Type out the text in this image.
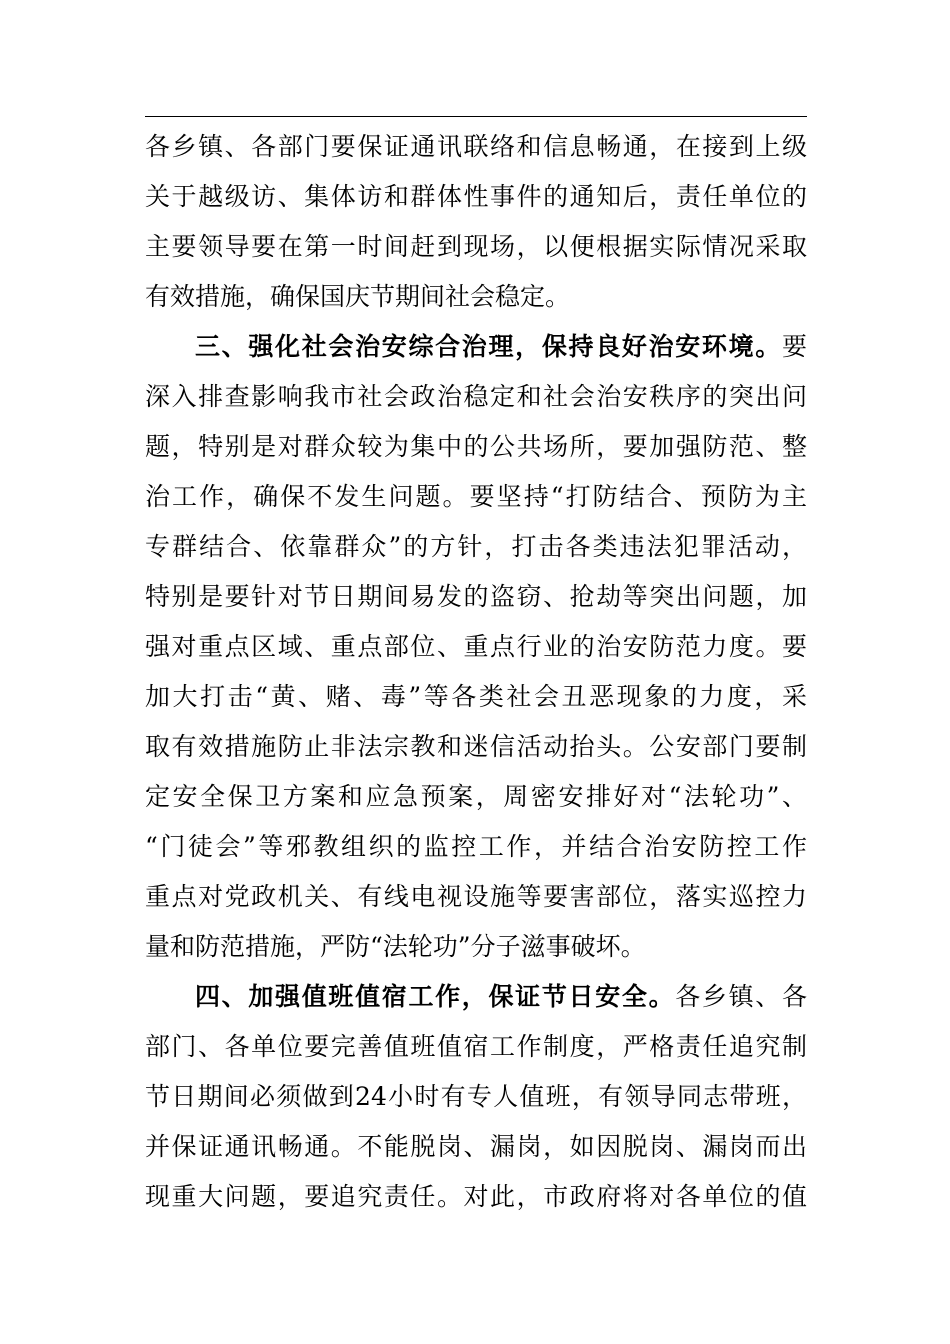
各乡镇、各部门要保证通讯联络和信息畅通，在接到上级
关于越级访、集体访和群体性事件的通知后，责任单位的
主要领导要在第一时间赶到现场，以便根据实际情况采取
有效措施，确保国庆节期间社会稳定。
三、强化社会治安综合治理，保持良好治安环境。要
深入排查影响我市社会政治稳定和社会治安秩序的突出问
题，特别是对群众较为集中的公共场所，要加强防范、整
治工作，确保不发生问题。要坚持“打防结合、预防为主
专群结合、依靠群众”的方针，打击各类违法犯罪活动，
特别是要针对节日期间易发的盗窃、抢劫等突出问题，加
强对重点区域、重点部位、重点行业的治安防范力度。要
加大打击“黄、赌、毒”等各类社会丑恶现象的力度，采
取有效措施防止非法宗教和迷信活动抬头。公安部门要制
定安全保卫方案和应急预案，周密安排好对“法轮功”、
“门徒会”等邪教组织的监控工作，并结合治安防控工作
重点对党政机关、有线电视设施等要害部位，落实巡控力
量和防范措施，严防“法轮功”分子滋事破坏。
四、加强值班值宿工作，保证节日安全。各乡镇、各
部门、各单位要完善值班值宿工作制度，严格责任追究制
节日期间必须做到24小时有专人值班，有领导同志带班，
并保证通讯畅通。不能脱岗、漏岗，如因脱岗、漏岗而出
现重大问题，要追究责任。对此，市政府将对各单位的值
